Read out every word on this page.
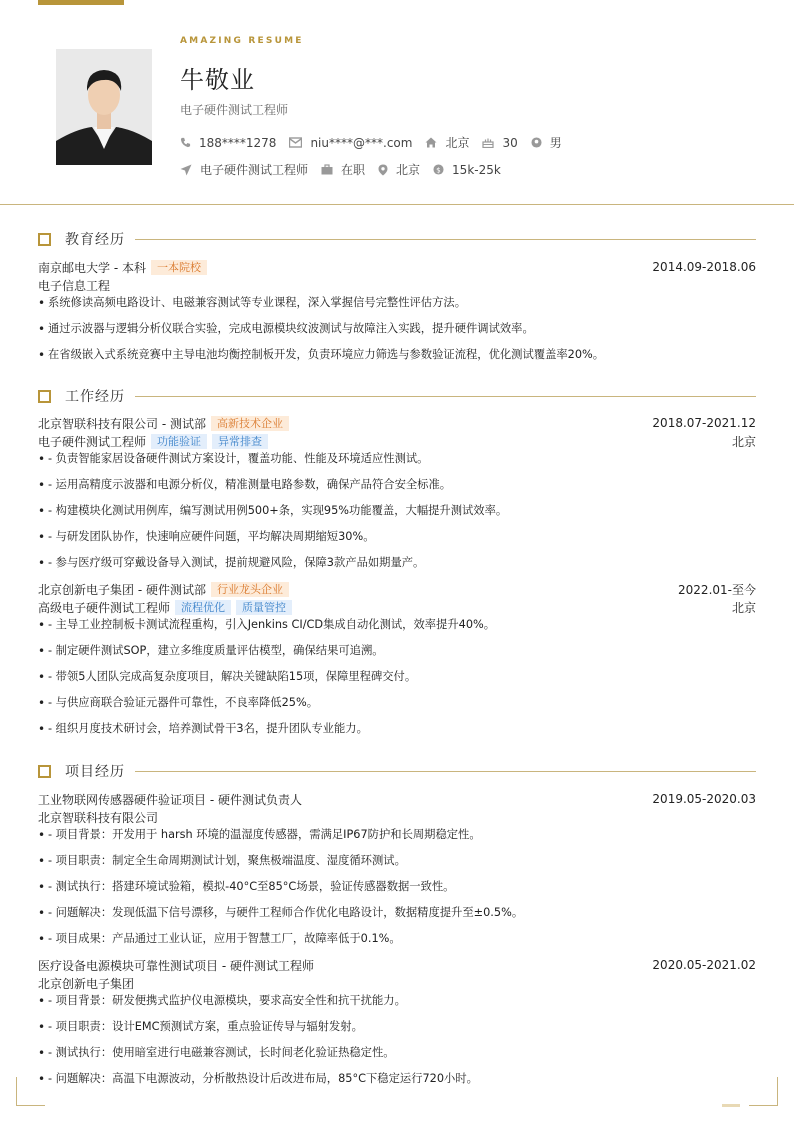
AMAZING RESUME
牛敬业
电子硬件测试工程师
188****1278	niu****@***.com	北京	30	男
电子硬件测试工程师	在职	北京 $ 15k-25k
教育经历
南京邮电大学 - 本科	一本院校	2014.09-2018.06
电子信息工程
• 系统修读高频电路设计、电磁兼容测试等专业课程，深入掌握信号完整性评估方法。
• 通过示波器与逻辑分析仪联合实验，完成电源模块纹波测试与故障注入实践，提升硬件调试效率。
• 在省级嵌入式系统竞赛中主导电池均衡控制板开发，负责环境应力筛选与参数验证流程，优化测试覆盖率20%。
工作经历
北京智联科技有限公司 - 测试部	高新技术企业	2018.07-2021.12
电子硬件测试工程师	功能验证	异常排查	北京
• - 负责智能家居设备硬件测试方案设计，覆盖功能、性能及环境适应性测试。
• - 运用高精度示波器和电源分析仪，精准测量电路参数，确保产品符合安全标准。
• - 构建模块化测试用例库，编写测试用例500+条，实现95%功能覆盖，大幅提升测试效率。
• - 与研发团队协作，快速响应硬件问题，平均解决周期缩短30%。
• - 参与医疗级可穿戴设备导入测试，提前规避风险，保障3款产品如期量产。
北京创新电子集团 - 硬件测试部	行业龙头企业	2022.01-至今
高级电子硬件测试工程师	流程优化	质量管控	北京
• - 主导工业控制板卡测试流程重构，引入Jenkins CI/CD集成自动化测试，效率提升40%。
• - 制定硬件测试SOP，建立多维度质量评估模型，确保结果可追溯。
• - 带领5人团队完成高复杂度项目，解决关键缺陷15项，保障里程碑交付。
• - 与供应商联合验证元器件可靠性，不良率降低25%。
• - 组织月度技术研讨会，培养测试骨干3名，提升团队专业能力。
项目经历
工业物联网传感器硬件验证项目 - 硬件测试负责人	2019.05-2020.03
北京智联科技有限公司
• - 项目背景：开发用于 harsh 环境的温湿度传感器，需满足IP67防护和长周期稳定性。
• - 项目职责：制定全生命周期测试计划，聚焦极端温度、湿度循环测试。
• - 测试执行：搭建环境试验箱，模拟-40°C至85°C场景，验证传感器数据一致性。
• - 问题解决：发现低温下信号漂移，与硬件工程师合作优化电路设计，数据精度提升至±0.5%。
• - 项目成果：产品通过工业认证，应用于智慧工厂，故障率低于0.1%。
医疗设备电源模块可靠性测试项目 - 硬件测试工程师	2020.05-2021.02
北京创新电子集团
• - 项目背景：研发便携式监护仪电源模块，要求高安全性和抗干扰能力。
• - 项目职责：设计EMC预测试方案，重点验证传导与辐射发射。
• - 测试执行：使用暗室进行电磁兼容测试，长时间老化验证热稳定性。
• - 问题解决：高温下电源波动，分析散热设计后改进布局，85°C下稳定运行720小时。
